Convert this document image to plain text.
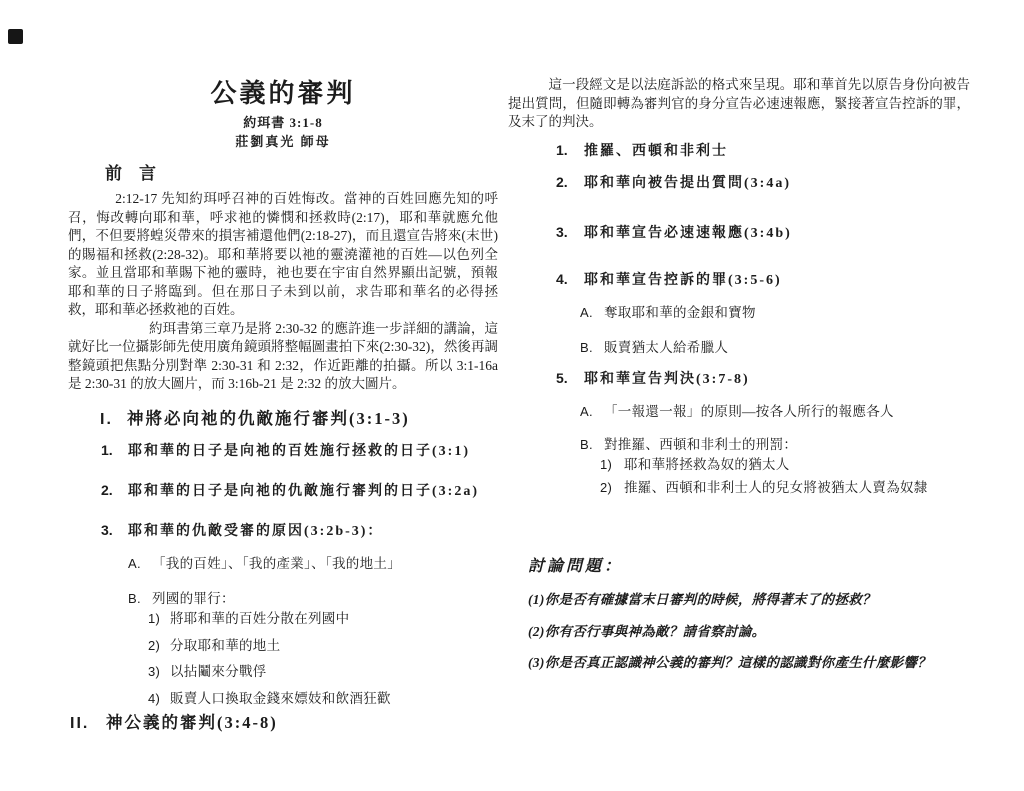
公義的審判
約珥書 3:1-8
莊劉真光 師母
前　言

2:12-17 先知約珥呼召神的百姓悔改。當神的百姓回應先知的呼召，悔改轉向耶和華，呼求祂的憐憫和拯救時(2:17)，耶和華就應允他們，不但要將蝗災帶來的損害補還他們(2:18-27)，而且還宣告將來(末世)的賜福和拯救(2:28-32)。耶和華將要以祂的靈澆灌祂的百姓—以色列全家。並且當耶和華賜下祂的靈時，祂也要在宇宙自然界顯出記號，預報耶和華的日子將臨到。但在那日子未到以前，求告耶和華名的必得拯救，耶和華必拯救祂的百姓。

約珥書第三章乃是將 2:30-32 的應許進一步詳細的講論，這就好比一位攝影師先使用廣角鏡頭將整幅圖畫拍下來(2:30-32)，然後再調整鏡頭把焦點分別對準 2:30-31 和 2:32，作近距離的拍攝。所以 3:1-16a 是 2:30-31 的放大圖片，而 3:16b-21 是 2:32 的放大圖片。

I. 神將必向祂的仇敵施行審判(3:1-3)
1.	耶和華的日子是向祂的百姓施行拯救的日子(3:1)
2.	耶和華的日子是向祂的仇敵施行審判的日子(3:2a)
3.	耶和華的仇敵受審的原因(3:2b-3)：
A. 「我的百姓」、「我的產業」、「我的地土」
B. 列國的罪行：
1) 將耶和華的百姓分散在列國中
2) 分取耶和華的地土
3) 以拈鬮來分戰俘
4) 販賣人口換取金錢來嫖妓和飲酒狂歡
II.	神公義的審判(3:4-8)

這一段經文是以法庭訴訟的格式來呈現。耶和華首先以原告身份向被告提出質問，但隨即轉為審判官的身分宣告必速速報應，緊接著宣告控訴的罪，及末了的判決。

1.	推羅、西頓和非利士
2.	耶和華向被告提出質問(3:4a)
3.	耶和華宣告必速速報應(3:4b)
4.	耶和華宣告控訴的罪(3:5-6)
A. 奪取耶和華的金銀和寶物
B. 販賣猶太人給希臘人
5.	耶和華宣告判決(3:7-8)
A. 「一報還一報」的原則—按各人所行的報應各人
B. 對推羅、西頓和非利士的刑罰：
1) 耶和華將拯救為奴的猶太人
2) 推羅、西頓和非利士人的兒女將被猶太人賣為奴隸
討論問題：
(1)你是否有確據當末日審判的時候，將得著末了的拯救？
(2)你有否行事與神為敵？請省察討論。
(3)你是否真正認識神公義的審判？這樣的認識對你產生什麼影響？
